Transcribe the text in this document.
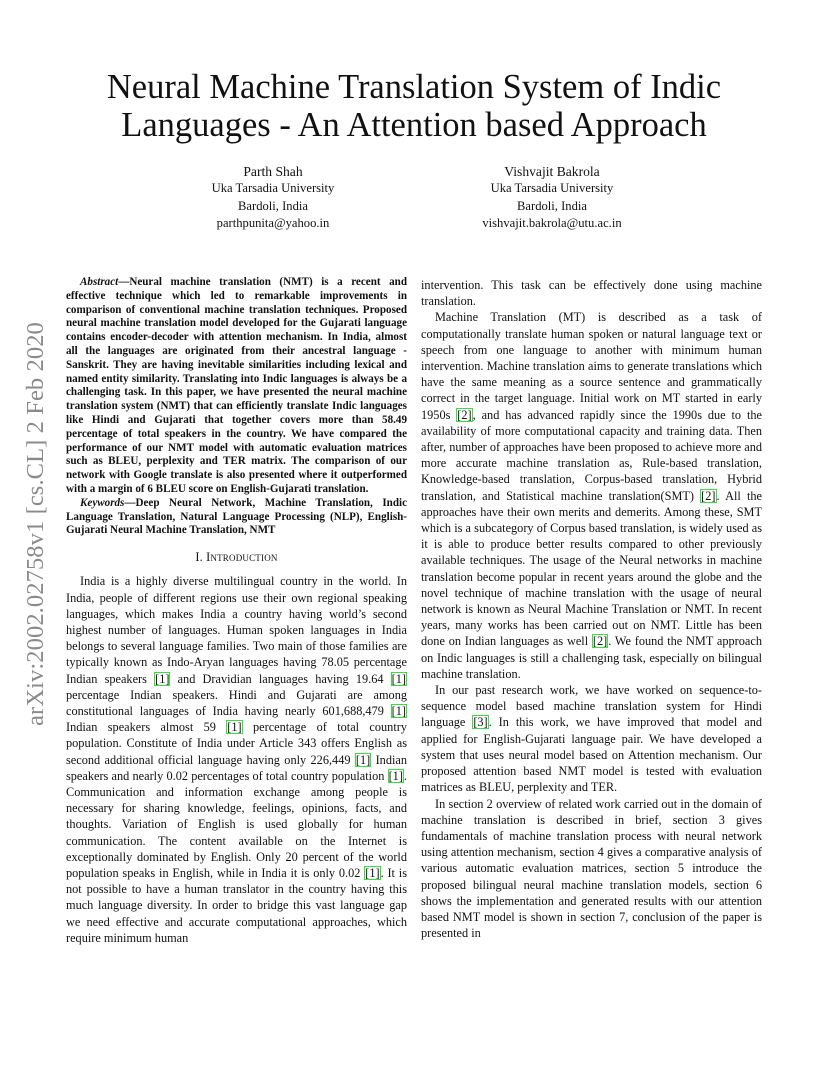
arXiv:2002.02758v1 [cs.CL] 2 Feb 2020
Neural Machine Translation System of Indic Languages - An Attention based Approach
Parth Shah
Uka Tarsadia University
Bardoli, India
parthpunita@yahoo.in
Vishvajit Bakrola
Uka Tarsadia University
Bardoli, India
vishvajit.bakrola@utu.ac.in

Abstract—Neural machine translation (NMT) is a recent and effective technique which led to remarkable improvements in comparison of conventional machine translation techniques. Proposed neural machine translation model developed for the Gujarati language contains encoder-decoder with attention mechanism. In India, almost all the languages are originated from their ancestral language - Sanskrit. They are having inevitable similarities including lexical and named entity similarity. Translating into Indic languages is always be a challenging task. In this paper, we have presented the neural machine translation system (NMT) that can efficiently translate Indic languages like Hindi and Gujarati that together covers more than 58.49 percentage of total speakers in the country. We have compared the performance of our NMT model with automatic evaluation matrices such as BLEU, perplexity and TER matrix. The comparison of our network with Google translate is also presented where it outperformed with a margin of 6 BLEU score on English-Gujarati translation.

Keywords—Deep Neural Network, Machine Translation, Indic Language Translation, Natural Language Processing (NLP), English-Gujarati Neural Machine Translation, NMT

I. Introduction

India is a highly diverse multilingual country in the world. In India, people of different regions use their own regional speaking languages, which makes India a country having world’s second highest number of languages. Human spoken languages in India belongs to several language families. Two main of those families are typically known as Indo-Aryan languages having 78.05 percentage Indian speakers [1] and Dravidian languages having 19.64 [1] percentage Indian speakers. Hindi and Gujarati are among constitutional languages of India having nearly 601,688,479 [1] Indian speakers almost 59 [1] percentage of total country population. Constitute of India under Article 343 offers English as second additional official language having only 226,449 [1] Indian speakers and nearly 0.02 percentages of total country population [1]. Communication and information exchange among people is necessary for sharing knowledge, feelings, opinions, facts, and thoughts. Variation of English is used globally for human communication. The content available on the Internet is exceptionally dominated by English. Only 20 percent of the world population speaks in English, while in India it is only 0.02 [1]. It is not possible to have a human translator in the country having this much language diversity. In order to bridge this vast language gap we need effective and accurate computational approaches, which require minimum human

intervention. This task can be effectively done using machine translation.

Machine Translation (MT) is described as a task of computationally translate human spoken or natural language text or speech from one language to another with minimum human intervention. Machine translation aims to generate translations which have the same meaning as a source sentence and grammatically correct in the target language. Initial work on MT started in early 1950s [2], and has advanced rapidly since the 1990s due to the availability of more computational capacity and training data. Then after, number of approaches have been proposed to achieve more and more accurate machine translation as, Rule-based translation, Knowledge-based translation, Corpus-based translation, Hybrid translation, and Statistical machine translation(SMT) [2]. All the approaches have their own merits and demerits. Among these, SMT which is a subcategory of Corpus based translation, is widely used as it is able to produce better results compared to other previously available techniques. The usage of the Neural networks in machine translation become popular in recent years around the globe and the novel technique of machine translation with the usage of neural network is known as Neural Machine Translation or NMT. In recent years, many works has been carried out on NMT. Little has been done on Indian languages as well [2]. We found the NMT approach on Indic languages is still a challenging task, especially on bilingual machine translation.

In our past research work, we have worked on sequence-to-sequence model based machine translation system for Hindi language [3]. In this work, we have improved that model and applied for English-Gujarati language pair. We have developed a system that uses neural model based on Attention mechanism. Our proposed attention based NMT model is tested with evaluation matrices as BLEU, perplexity and TER.

In section 2 overview of related work carried out in the domain of machine translation is described in brief, section 3 gives fundamentals of machine translation process with neural network using attention mechanism, section 4 gives a comparative analysis of various automatic evaluation matrices, section 5 introduce the proposed bilingual neural machine translation models, section 6 shows the implementation and generated results with our attention based NMT model is shown in section 7, conclusion of the paper is presented in
